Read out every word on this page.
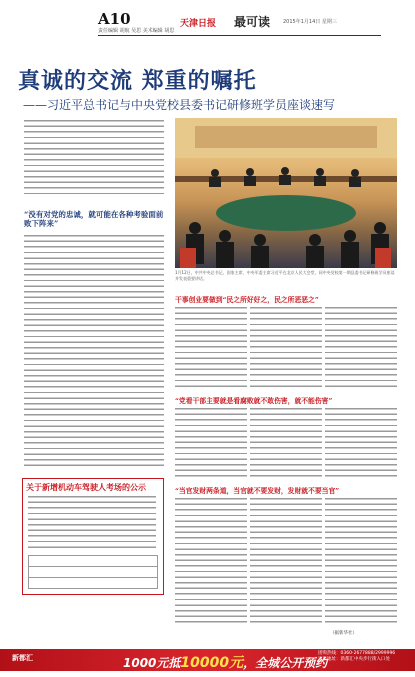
A10
责任编辑 胡航 吴思 美术编辑 胡思
天津日报 最可读	2015年1月14日 星期三
真诚的交流 郑重的嘱托
——习近平总书记与中央党校县委书记研修班学员座谈速写
“没有对党的忠诚，就可能在各种考验面前败下阵来”
1月12日，中共中央总书记、国家主席、中央军委主席习近平在北京人民大会堂，同中央党校第一期县委书记研修班学员座谈并发表重要讲话。
干事创业要做到“民之所好好之，民之所恶恶之”
“党看干部主要就是看腐败就不敢伤害，就不能伤害”
“当官发财两条道，当官就不要发财，发财就不要当官”
（据新华社）
关于新增机动车驾驶人考场的公示
新都汇	1000元抵10000元，全城公开预约
团购热线：0360-2677888/2999996
项目地址：新都汇中央步行街入口处
